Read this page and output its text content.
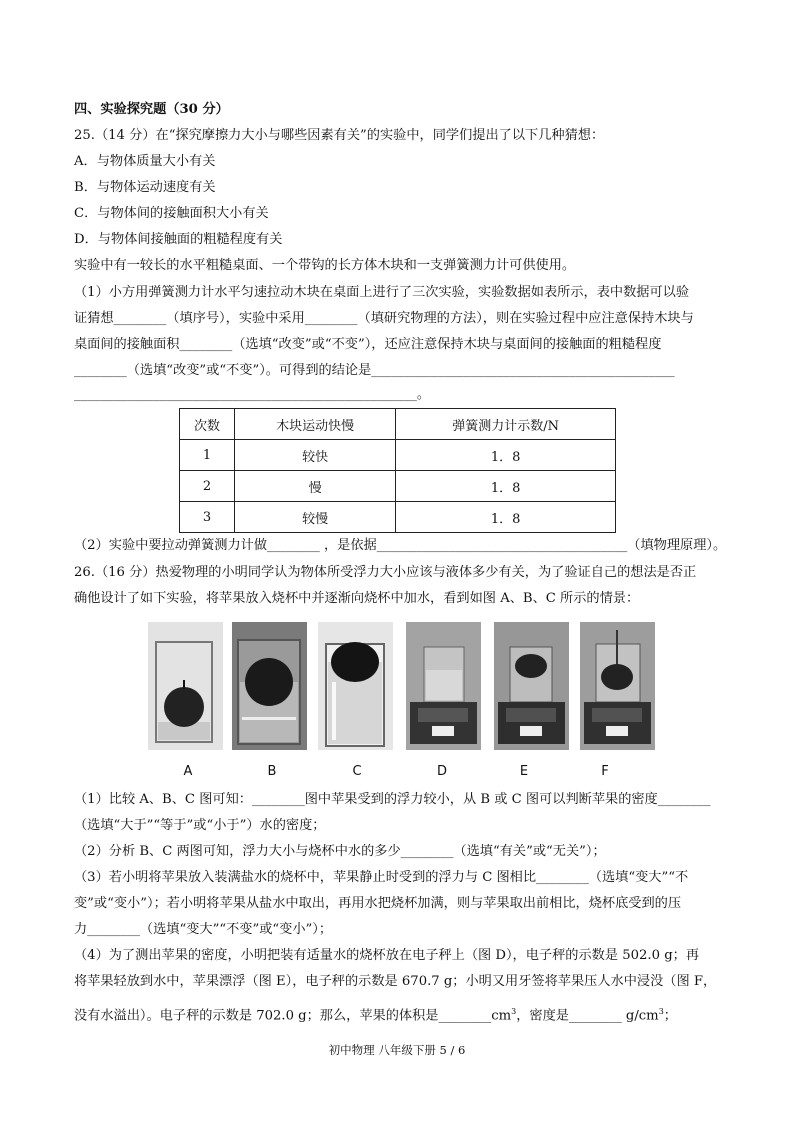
四、实验探究题（30 分）
25.（14 分）在“探究摩擦力大小与哪些因素有关”的实验中，同学们提出了以下几种猜想：
A．与物体质量大小有关
B．与物体运动速度有关
C．与物体间的接触面积大小有关
D．与物体间接触面的粗糙程度有关
实验中有一较长的水平粗糙桌面、一个带钩的长方体木块和一支弹簧测力计可供使用。
（1）小方用弹簧测力计水平匀速拉动木块在桌面上进行了三次实验，实验数据如表所示，表中数据可以验
证猜想________（填序号），实验中采用________（填研究物理的方法），则在实验过程中应注意保持木块与
桌面间的接触面积________（选填“改变”或“不变”），还应注意保持木块与桌面间的接触面的粗糙程度
________（选填“改变”或“不变”）。可得到的结论是______________________________________________
____________________________________________________。
次数	木块运动快慢	弹簧测力计示数/N
1	较快	1．8
2	慢	1．8
3	较慢	1．8
（2）实验中要拉动弹簧测力计做________ ，是依据______________________________________（填物理原理）。
26.（16 分）热爱物理的小明同学认为物体所受浮力大小应该与液体多少有关，为了验证自己的想法是否正
确他设计了如下实验，将苹果放入烧杯中并逐渐向烧杯中加水，看到如图 A、B、C 所示的情景：
A	B	C	D	E	F
（1）比较 A、B、C 图可知：________图中苹果受到的浮力较小，从 B 或 C 图可以判断苹果的密度________
（选填“大于”“等于”或“小于”）水的密度；
（2）分析 B、C 两图可知，浮力大小与烧杯中水的多少________（选填“有关”或“无关”）；
（3）若小明将苹果放入装满盐水的烧杯中，苹果静止时受到的浮力与 C 图相比________（选填“变大”“不
变”或“变小”）；若小明将苹果从盐水中取出，再用水把烧杯加满，则与苹果取出前相比，烧杯底受到的压
力________（选填“变大”“不变”或“变小”）；
（4）为了测出苹果的密度，小明把装有适量水的烧杯放在电子秤上（图 D），电子秤的示数是 502.0 g；再
将苹果轻放到水中，苹果漂浮（图 E），电子秤的示数是 670.7 g；小明又用牙签将苹果压人水中浸没（图 F，
没有水溢出）。电子秤的示数是 702.0 g；那么，苹果的体积是$\_\_\_\_\_\_\_\_cm^3$，密度是________ $g/cm^3$；
初中物理 八年级下册 5 / 6
